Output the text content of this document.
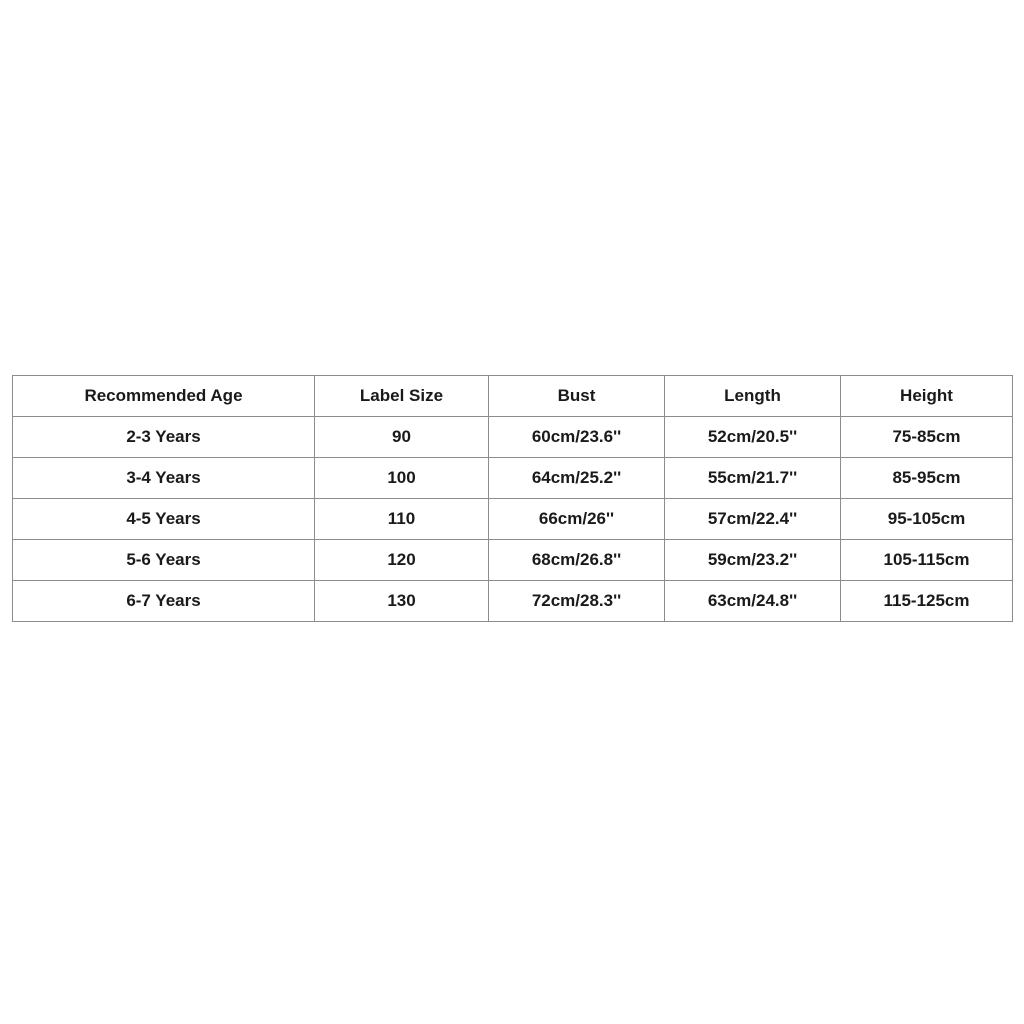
Recommended Age	Label Size	Bust	Length	Height
2-3 Years	90	60cm/23.6''	52cm/20.5''	75-85cm
3-4 Years	100	64cm/25.2''	55cm/21.7''	85-95cm
4-5 Years	110	66cm/26''	57cm/22.4''	95-105cm
5-6 Years	120	68cm/26.8''	59cm/23.2''	105-115cm
6-7 Years	130	72cm/28.3''	63cm/24.8''	115-125cm
